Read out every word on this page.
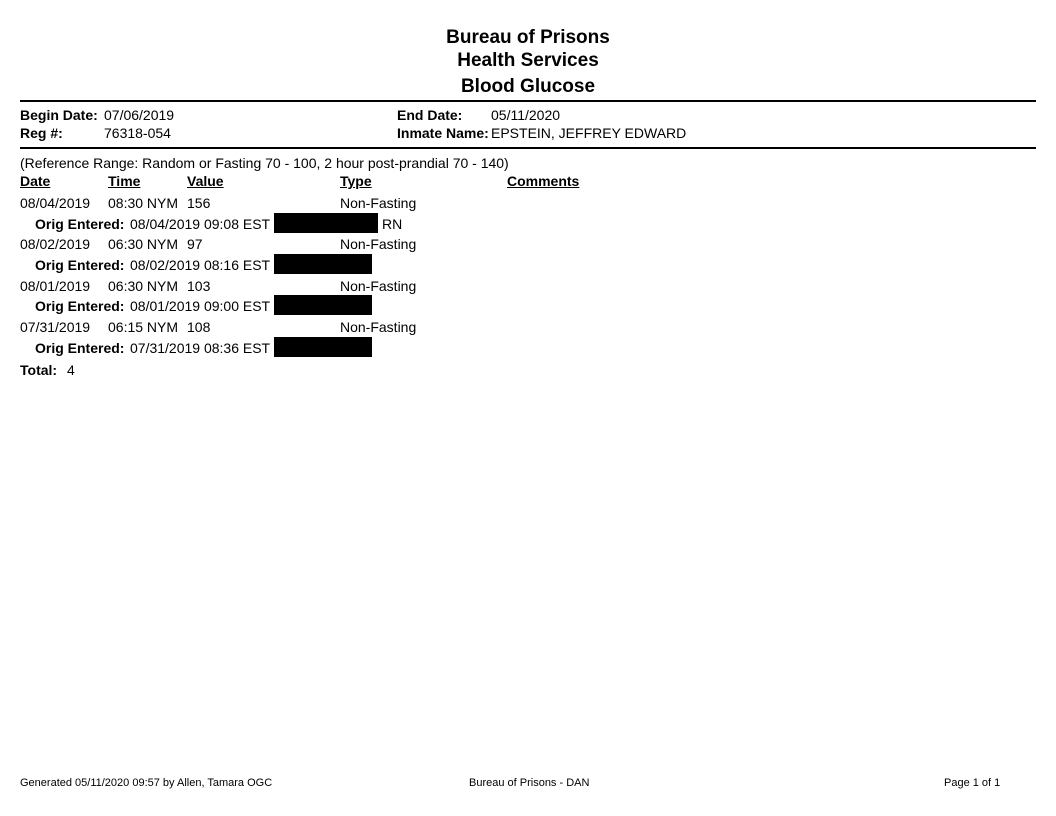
Bureau of Prisons
Health Services
Blood Glucose
Begin Date: 07/06/2019	End Date: 05/11/2020
Reg #:	76318-054	Inmate Name: EPSTEIN, JEFFREY EDWARD
(Reference Range: Random or Fasting 70 - 100, 2 hour post-prandial 70 - 140)
Date	Time	Value	Type	Comments
08/04/2019 08:30 NYM 156	Non-Fasting
Orig Entered: 08/04/2019 09:08 EST	RN
08/02/2019 06:30 NYM 97	Non-Fasting
Orig Entered: 08/02/2019 08:16 EST
08/01/2019 06:30 NYM 103	Non-Fasting
Orig Entered: 08/01/2019 09:00 EST
07/31/2019 06:15 NYM 108	Non-Fasting
Orig Entered: 07/31/2019 08:36 EST
Total: 4
Generated 05/11/2020 09:57 by Allen, Tamara OGC	Bureau of Prisons - DAN	Page 1 of 1
